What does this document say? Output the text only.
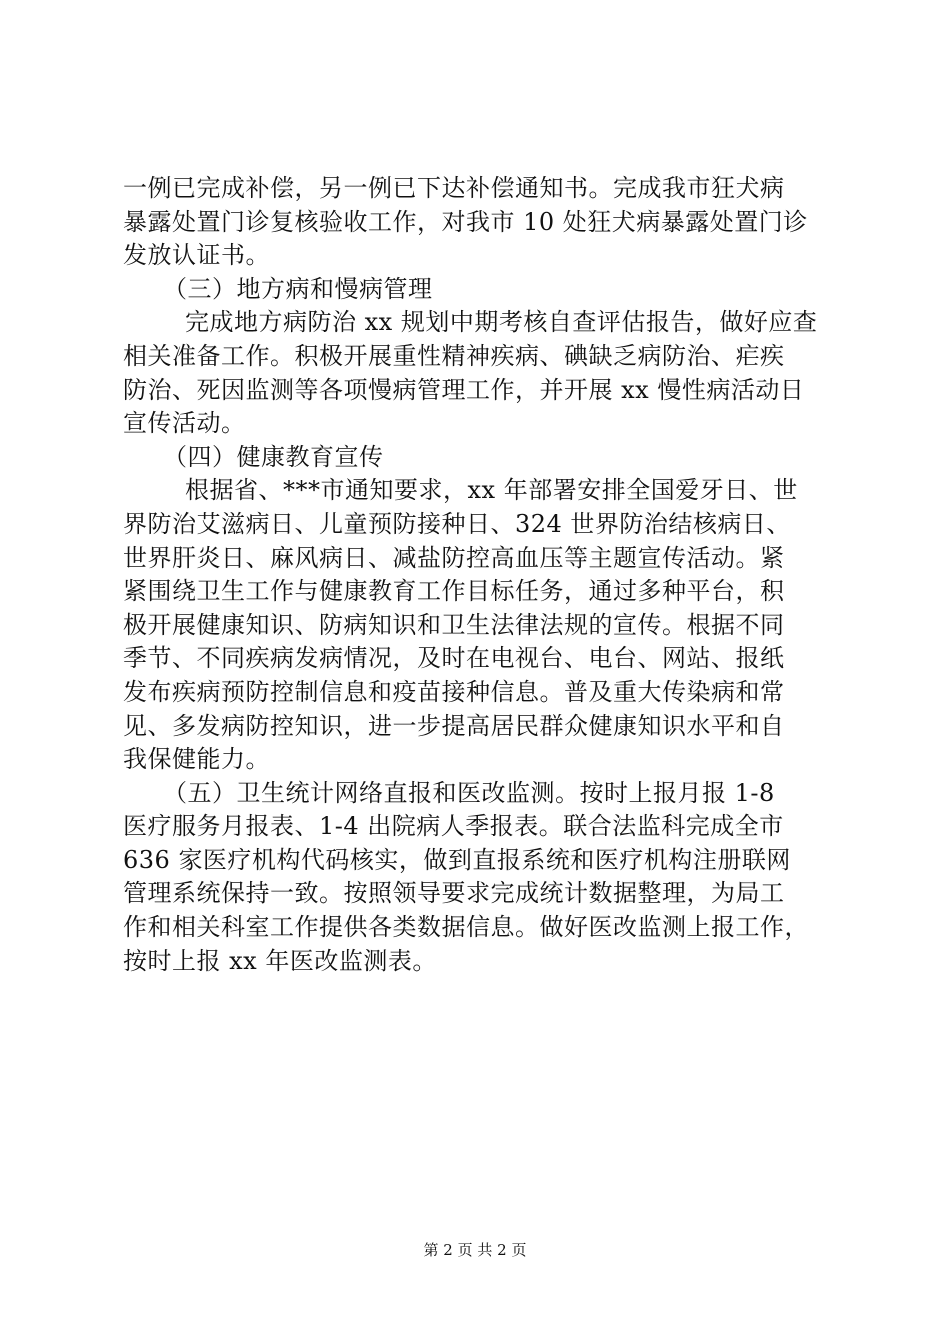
一例已完成补偿，另一例已下达补偿通知书。完成我市狂犬病
暴露处置门诊复核验收工作，对我市 10 处狂犬病暴露处置门诊
发放认证书。
（三）地方病和慢病管理
完成地方病防治 xx 规划中期考核自查评估报告，做好应查
相关准备工作。积极开展重性精神疾病、碘缺乏病防治、疟疾
防治、死因监测等各项慢病管理工作，并开展 xx 慢性病活动日
宣传活动。
（四）健康教育宣传
根据省、***市通知要求，xx 年部署安排全国爱牙日、世
界防治艾滋病日、儿童预防接种日、324 世界防治结核病日、
世界肝炎日、麻风病日、减盐防控高血压等主题宣传活动。紧
紧围绕卫生工作与健康教育工作目标任务，通过多种平台，积
极开展健康知识、防病知识和卫生法律法规的宣传。根据不同
季节、不同疾病发病情况，及时在电视台、电台、网站、报纸
发布疾病预防控制信息和疫苗接种信息。普及重大传染病和常
见、多发病防控知识，进一步提高居民群众健康知识水平和自
我保健能力。
（五）卫生统计网络直报和医改监测。按时上报月报 1-8
医疗服务月报表、1-4 出院病人季报表。联合法监科完成全市
636 家医疗机构代码核实，做到直报系统和医疗机构注册联网
管理系统保持一致。按照领导要求完成统计数据整理，为局工
作和相关科室工作提供各类数据信息。做好医改监测上报工作，
按时上报 xx 年医改监测表。
第 2 页 共 2 页
